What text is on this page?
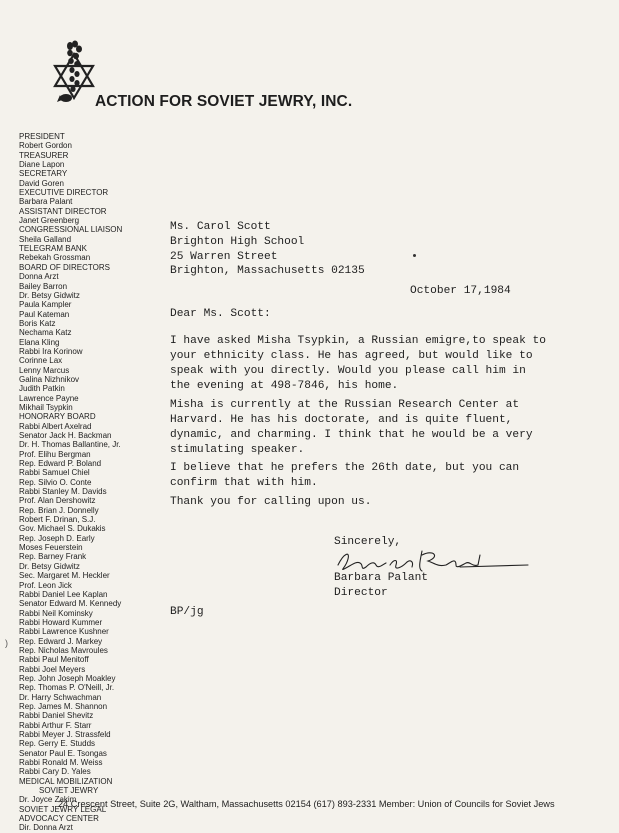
ACTION FOR SOVIET JEWRY, INC.
PRESIDENT
Robert Gordon
TREASURER
Diane Lapon
SECRETARY
David Goren
EXECUTIVE DIRECTOR
Barbara Palant
ASSISTANT DIRECTOR
Janet Greenberg
CONGRESSIONAL LIAISON
Sheila Galland
TELEGRAM BANK
Rebekah Grossman
BOARD OF DIRECTORS
Donna Arzt
Bailey Barron
Dr. Betsy Gidwitz
Paula Kampler
Paul Kateman
Boris Katz
Nechama Katz
Elana Kling
Rabbi Ira Korinow
Corinne Lax
Lenny Marcus
Galina Nizhnikov
Judith Patkin
Lawrence Payne
Mikhail Tsypkin
HONORARY BOARD
Rabbi Albert Axelrad
Senator Jack H. Backman
Dr. H. Thomas Ballantine, Jr.
Prof. Elihu Bergman
Rep. Edward P. Boland
Rabbi Samuel Chiel
Rep. Silvio O. Conte
Rabbi Stanley M. Davids
Prof. Alan Dershowitz
Rep. Brian J. Donnelly
Robert F. Drinan, S.J.
Gov. Michael S. Dukakis
Rep. Joseph D. Early
Moses Feuerstein
Rep. Barney Frank
Dr. Betsy Gidwitz
Sec. Margaret M. Heckler
Prof. Leon Jick
Rabbi Daniel Lee Kaplan
Senator Edward M. Kennedy
Rabbi Neil Kominsky
Rabbi Howard Kummer
Rabbi Lawrence Kushner
Rep. Edward J. Markey
Rep. Nicholas Mavroules
Rabbi Paul Menitoff
Rabbi Joel Meyers
Rep. John Joseph Moakley
Rep. Thomas P. O'Neill, Jr.
Dr. Harry Schwachman
Rep. James M. Shannon
Rabbi Daniel Shevitz
Rabbi Arthur F. Starr
Rabbi Meyer J. Strassfeld
Rep. Gerry E. Studds
Senator Paul E. Tsongas
Rabbi Ronald M. Weiss
Rabbi Cary D. Yales
MEDICAL MOBILIZATION
SOVIET JEWRY
Dr. Joyce Zakim
SOVIET JEWRY LEGAL
ADVOCACY CENTER
Dir. Donna Arzt
Ms. Carol Scott
Brighton High School
25 Warren Street
Brighton, Massachusetts 02135
October 17,1984
Dear Ms. Scott:
I have asked Misha Tsypkin, a Russian emigre,to speak to
your ethnicity class. He has agreed, but would like to
speak with you directly. Would you please call him in
the evening at 498-7846, his home.
Misha is currently at the Russian Research Center at
Harvard. He has his doctorate, and is quite fluent,
dynamic, and charming. I think that he would be a very
stimulating speaker.
I believe that he prefers the 26th date, but you can
confirm that with him.
Thank you for calling upon us.
Sincerely,
Barbara Palant
Director
BP/jg
)
24 Crescent Street, Suite 2G, Waltham, Massachusetts 02154 (617) 893-2331 Member: Union of Councils for Soviet Jews
